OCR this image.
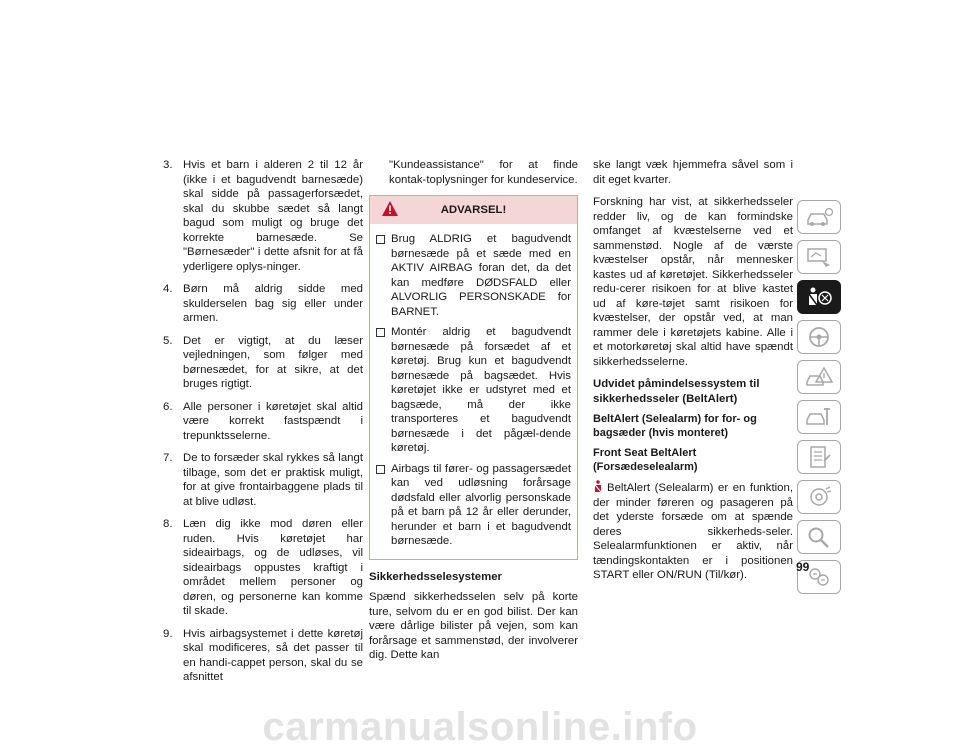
3. Hvis et barn i alderen 2 til 12 år (ikke i et bagudvendt barnesæde) skal sidde på passagerforsædet, skal du skubbe sædet så langt bagud som muligt og bruge det korrekte barnesæde. Se "Børnesæder" i dette afsnit for at få yderligere oplys-ninger.
4. Børn må aldrig sidde med skulderselen bag sig eller under armen.
5. Det er vigtigt, at du læser vejledningen, som følger med børnesædet, for at sikre, at det bruges rigtigt.
6. Alle personer i køretøjet skal altid være korrekt fastspændt i trepunktsselerne.
7. De to forsæder skal rykkes så langt tilbage, som det er praktisk muligt, for at give frontairbaggene plads til at blive udløst.
8. Læn dig ikke mod døren eller ruden. Hvis køretøjet har sideairbags, og de udløses, vil sideairbags oppustes kraftigt i området mellem personer og døren, og personerne kan komme til skade.
9. Hvis airbagsystemet i dette køretøj skal modificeres, så det passer til en handi-cappet person, skal du se afsnittet

"Kundeassistance" for at finde kontak-toplysninger for kundeservice.

ADVARSEL!
Brug ALDRIG et bagudvendt børnesæde på et sæde med en AKTIV AIRBAG foran det, da det kan medføre DØDSFALD eller ALVORLIG PERSONSKADE for BARNET.
Montér aldrig et bagudvendt børnesæde på forsædet af et køretøj. Brug kun et bagudvendt børnesæde på bagsædet. Hvis køretøjet ikke er udstyret med et bagsæde, må der ikke transporteres et bagudvendt børnesæde i det pågæl-dende køretøj.
Airbags til fører- og passagersædet kan ved udløsning forårsage dødsfald eller alvorlig personskade på et barn på 12 år eller derunder, herunder et barn i et bagudvendt børnesæde.
Sikkerhedsselesystemer

Spænd sikkerhedsselen selv på korte ture, selvom du er en god bilist. Der kan være dårlige bilister på vejen, som kan forårsage et sammenstød, der involverer dig. Dette kan

ske langt væk hjemmefra såvel som i dit eget kvarter.

Forskning har vist, at sikkerhedsseler redder liv, og de kan formindske omfanget af kvæstelserne ved et sammenstød. Nogle af de værste kvæstelser opstår, når mennesker kastes ud af køretøjet. Sikkerhedsseler redu-cerer risikoen for at blive kastet ud af køre-tøjet samt risikoen for kvæstelser, der opstår ved, at man rammer dele i køretøjets kabine. Alle i et motorkøretøj skal altid have spændt sikkerhedsselerne.

Udvidet påmindelsessystem til sikkerhedsseler (BeltAlert)
BeltAlert (Selealarm) for for- og bagsæder (hvis monteret)
Front Seat BeltAlert (Forsædeselealarm)

BeltAlert (Selealarm) er en funktion, der minder føreren og pasageren på det yderste forsæde om at spænde deres sikkerheds-seler. Selealarmfunktionen er aktiv, når tændingskontakten er i positionen START eller ON/RUN (Til/kør).

99
carmanualsonline.info
